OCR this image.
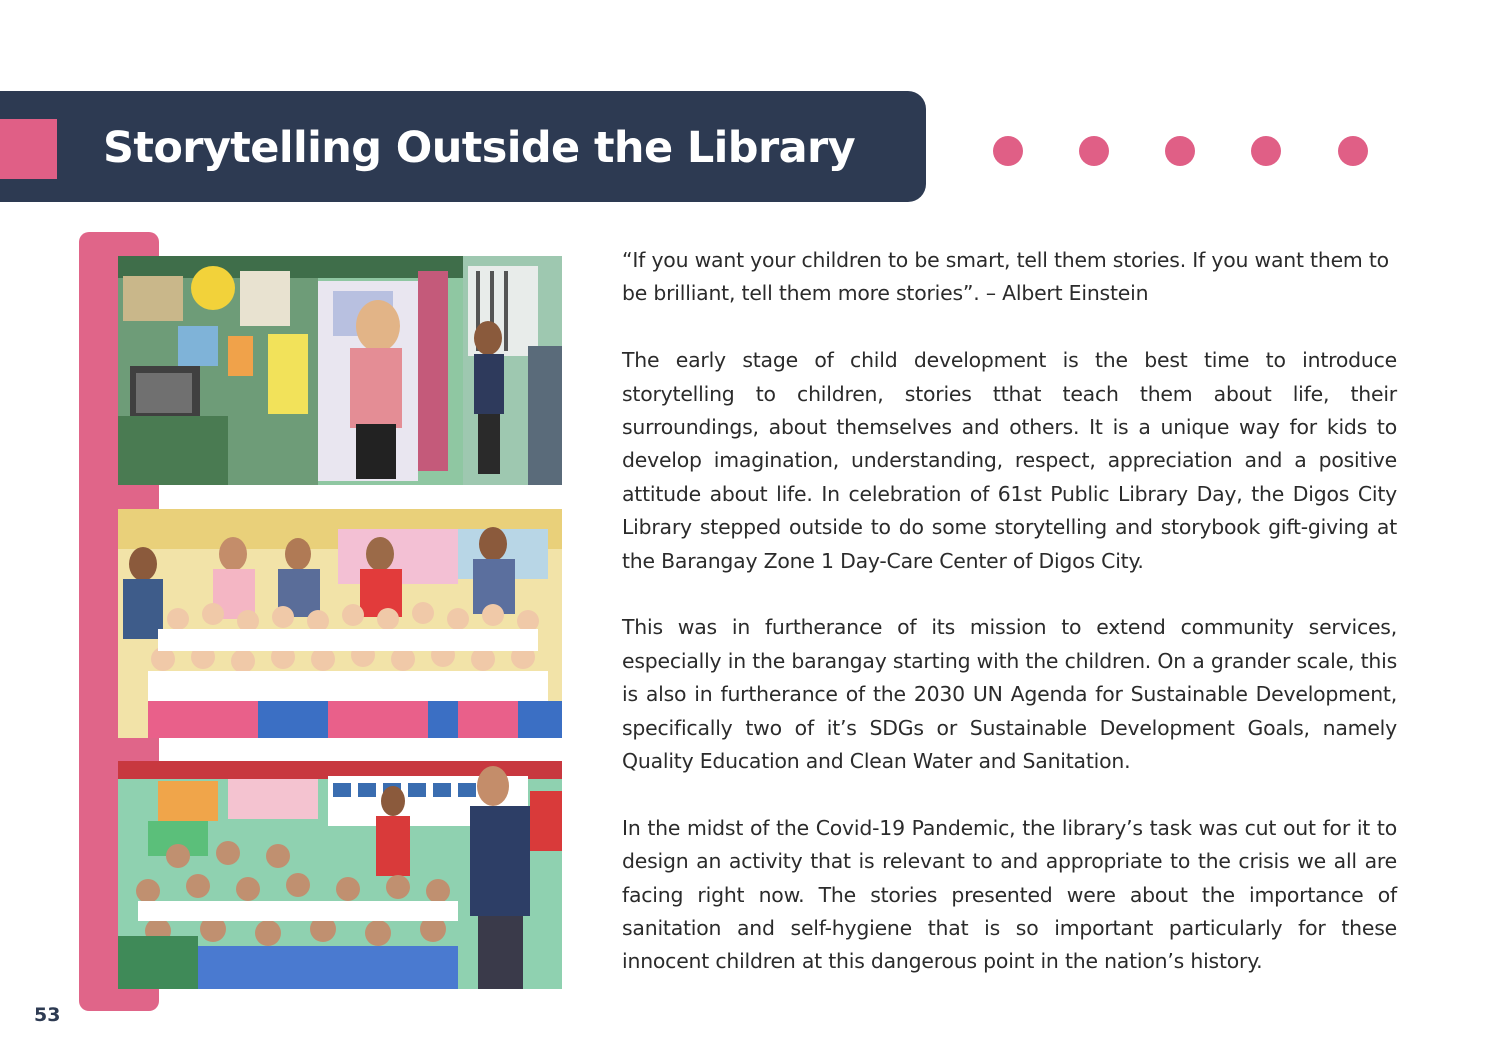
Storytelling Outside the Library

“If you want your children to be smart, tell them stories. If you want them to be brilliant, tell them more stories”. – Albert Einstein

The early stage of child development is the best time to introduce storytelling to children, stories tthat teach them about life, their surroundings, about themselves and others. It is a unique way for kids to develop imagination, understanding, respect, appreciation and a positive attitude about life. In celebration of 61st Public Library Day, the Digos City Library stepped outside to do some storytelling and storybook gift-giving at the Barangay Zone 1 Day-Care Center of Digos City.

This was in furtherance of its mission to extend community services, especially in the barangay starting with the children. On a grander scale, this is also in furtherance of the 2030 UN Agenda for Sustainable Development, specifically two of it’s SDGs or Sustainable Development Goals, namely Quality Education and Clean Water and Sanitation.

In the midst of the Covid-19 Pandemic, the library’s task was cut out for it to design an activity that is relevant to and appropriate to the crisis we all are facing right now. The stories presented were about the importance of sanitation and self-hygiene that is so important particularly for these innocent children at this dangerous point in the nation’s history.

53
